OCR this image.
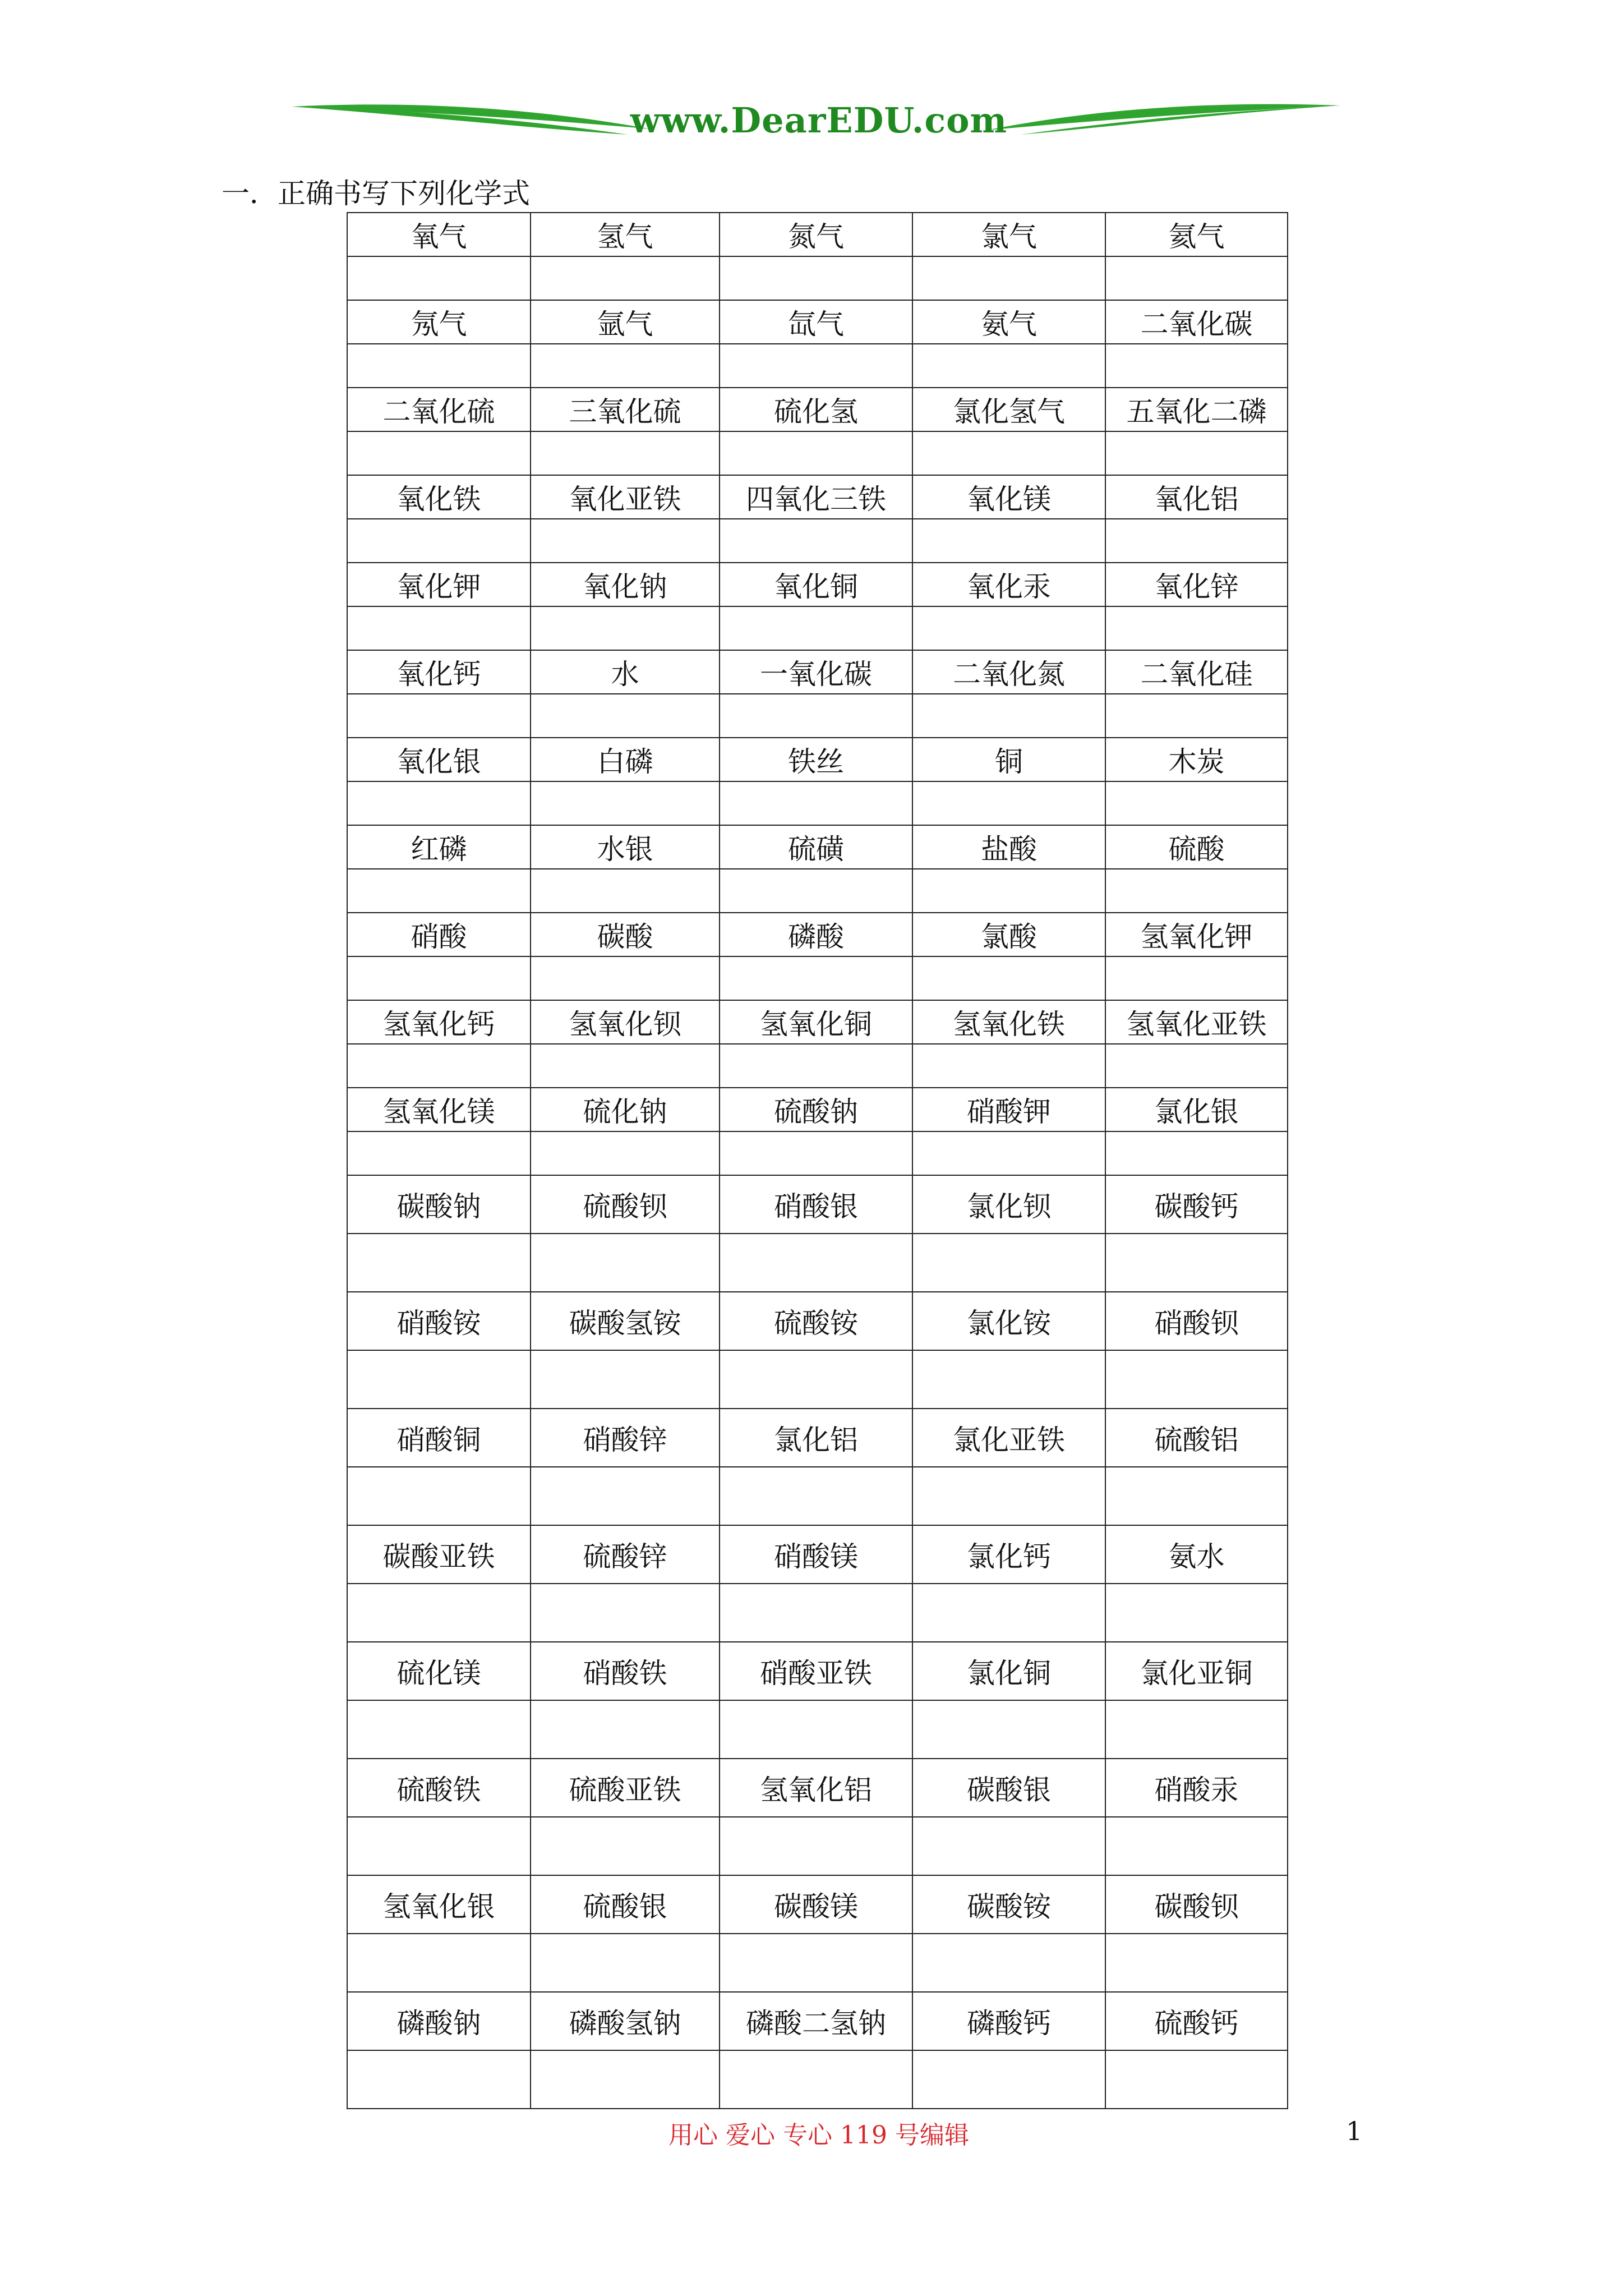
www.DearEDU.com
一．正确书写下列化学式
氧气	氢气	氮气	氯气	氦气

氖气	氩气	氙气	氨气	二氧化碳

二氧化硫	三氧化硫	硫化氢	氯化氢气	五氧化二磷

氧化铁	氧化亚铁	四氧化三铁	氧化镁	氧化铝

氧化钾	氧化钠	氧化铜	氧化汞	氧化锌

氧化钙	水	一氧化碳	二氧化氮	二氧化硅

氧化银	白磷	铁丝	铜	木炭

红磷	水银	硫磺	盐酸	硫酸

硝酸	碳酸	磷酸	氯酸	氢氧化钾

氢氧化钙	氢氧化钡	氢氧化铜	氢氧化铁	氢氧化亚铁

氢氧化镁	硫化钠	硫酸钠	硝酸钾	氯化银

碳酸钠	硫酸钡	硝酸银	氯化钡	碳酸钙

硝酸铵	碳酸氢铵	硫酸铵	氯化铵	硝酸钡

硝酸铜	硝酸锌	氯化铝	氯化亚铁	硫酸铝

碳酸亚铁	硫酸锌	硝酸镁	氯化钙	氨水

硫化镁	硝酸铁	硝酸亚铁	氯化铜	氯化亚铜

硫酸铁	硫酸亚铁	氢氧化铝	碳酸银	硝酸汞

氢氧化银	硫酸银	碳酸镁	碳酸铵	碳酸钡

磷酸钠	磷酸氢钠	磷酸二氢钠	磷酸钙	硫酸钙

用心 爱心 专心 119 号编辑	1
